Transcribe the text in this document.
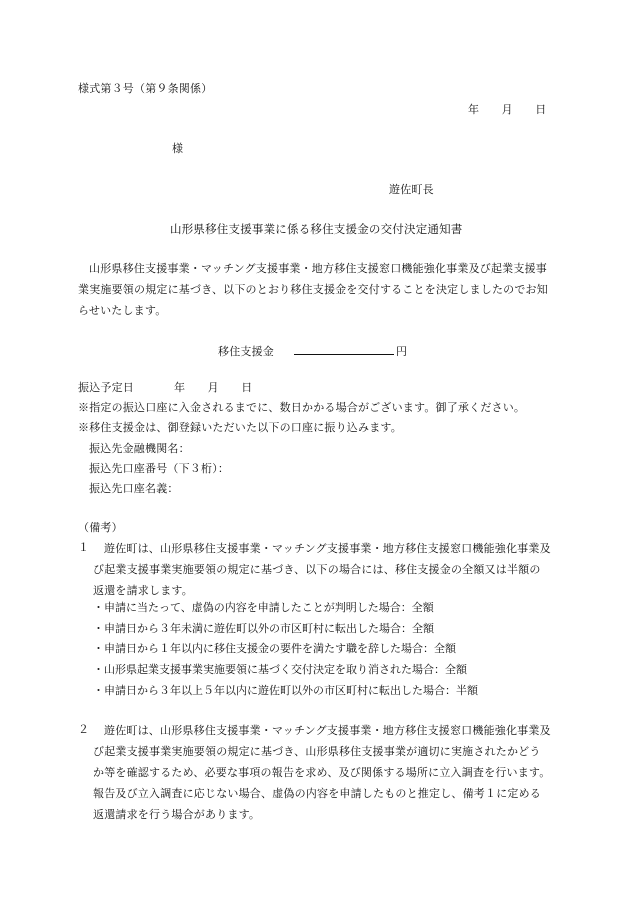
様式第３号（第９条関係）
年　　月　　日
様
遊佐町長
山形県移住支援事業に係る移住支援金の交付決定通知書
山形県移住支援事業・マッチング支援事業・地方移住支援窓口機能強化事業及び起業支援事業実施要領の規定に基づき、以下のとおり移住支援金を交付することを決定しましたのでお知らせいたします。
移住支援金	円
振込予定日	年　　月　　日
※指定の振込口座に入金されるまでに、数日かかる場合がございます。御了承ください。
※移住支援金は、御登録いただいた以下の口座に振り込みます。
振込先金融機関名：
振込先口座番号（下３桁）：
振込先口座名義：
（備考）
１	遊佐町は、山形県移住支援事業・マッチング支援事業・地方移住支援窓口機能強化事業及び起業支援事業実施要領の規定に基づき、以下の場合には、移住支援金の全額又は半額の返還を請求します。
・申請に当たって、虚偽の内容を申請したことが判明した場合：全額
・申請日から３年未満に遊佐町以外の市区町村に転出した場合：全額
・申請日から１年以内に移住支援金の要件を満たす職を辞した場合：全額
・山形県起業支援事業実施要領に基づく交付決定を取り消された場合：全額
・申請日から３年以上５年以内に遊佐町以外の市区町村に転出した場合：半額
２	遊佐町は、山形県移住支援事業・マッチング支援事業・地方移住支援窓口機能強化事業及び起業支援事業実施要領の規定に基づき、山形県移住支援事業が適切に実施されたかどうか等を確認するため、必要な事項の報告を求め、及び関係する場所に立入調査を行います。報告及び立入調査に応じない場合、虚偽の内容を申請したものと推定し、備考１に定める返還請求を行う場合があります。
